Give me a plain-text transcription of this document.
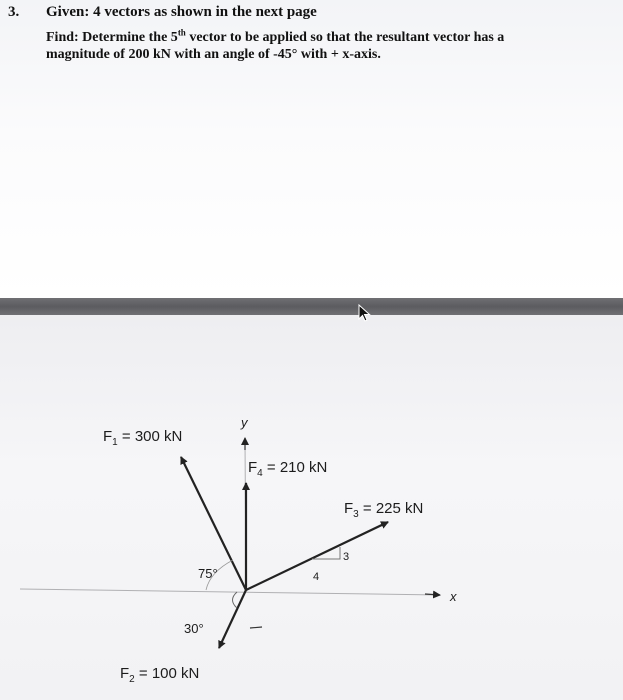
3. Given: 4 vectors as shown in the next page
Find: Determine the 5th vector to be applied so that the resultant vector has a
magnitude of 200 kN with an angle of -45° with + x-axis.
$F_1 = 300$ kN
$F_4 = 210$ kN
$F_3 = 225$ kN
$F_2 = 100$ kN
75°
30°
3
4
x
y
